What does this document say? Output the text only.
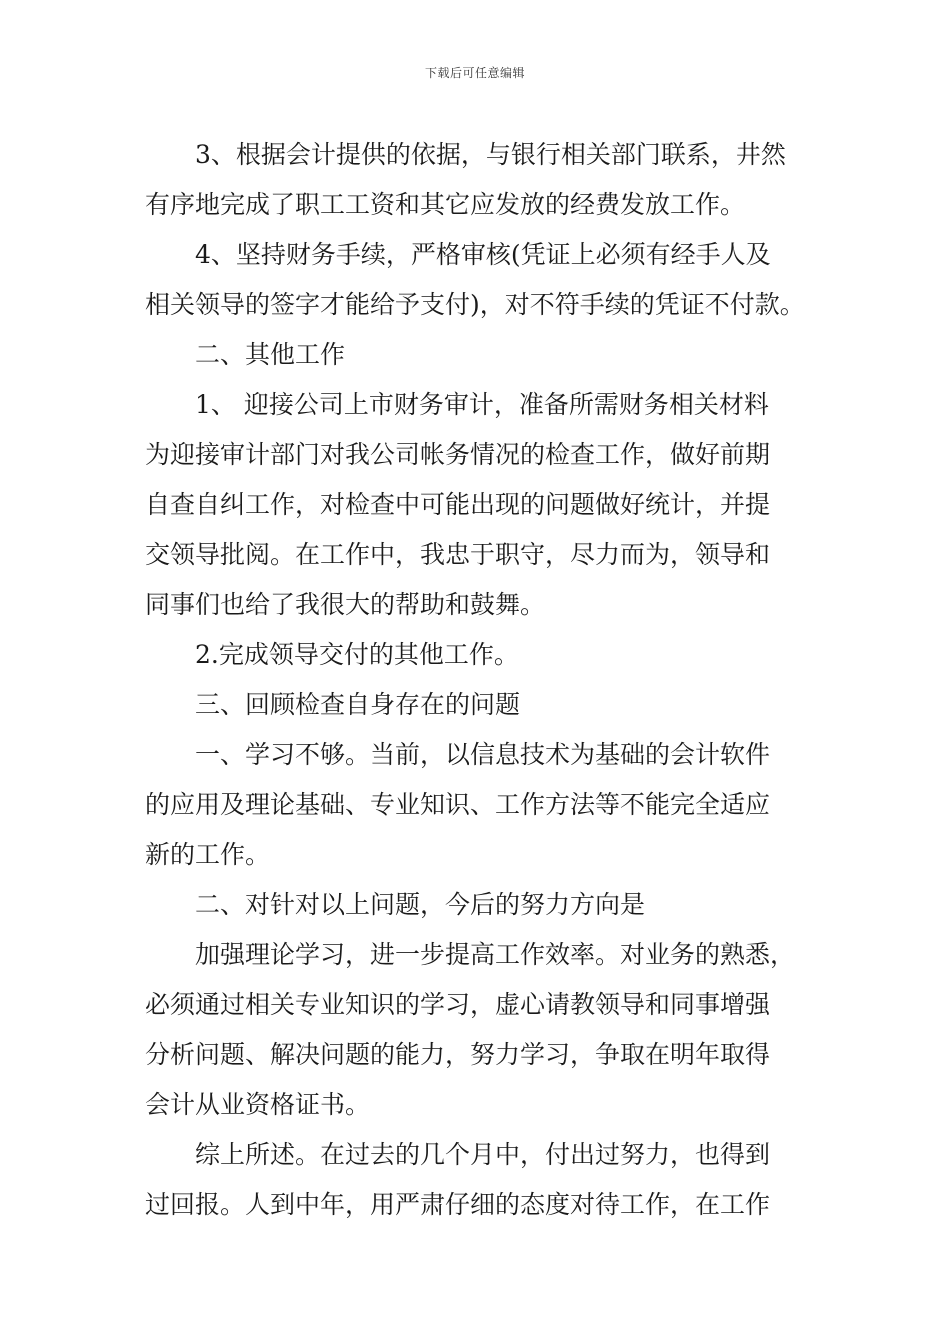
下载后可任意编辑
3、根据会计提供的依据，与银行相关部门联系，井然
有序地完成了职工工资和其它应发放的经费发放工作。
4、坚持财务手续，严格审核(凭证上必须有经手人及
相关领导的签字才能给予支付)，对不符手续的凭证不付款。
二、其他工作
1、 迎接公司上市财务审计，准备所需财务相关材料
为迎接审计部门对我公司帐务情况的检查工作，做好前期
自查自纠工作，对检查中可能出现的问题做好统计，并提
交领导批阅。在工作中，我忠于职守，尽力而为，领导和
同事们也给了我很大的帮助和鼓舞。
2.完成领导交付的其他工作。
三、回顾检查自身存在的问题
一、学习不够。当前，以信息技术为基础的会计软件
的应用及理论基础、专业知识、工作方法等不能完全适应
新的工作。
二、对针对以上问题，今后的努力方向是
加强理论学习，进一步提高工作效率。对业务的熟悉，
必须通过相关专业知识的学习，虚心请教领导和同事增强
分析问题、解决问题的能力，努力学习，争取在明年取得
会计从业资格证书。
综上所述。在过去的几个月中，付出过努力，也得到
过回报。人到中年，用严肃仔细的态度对待工作，在工作
